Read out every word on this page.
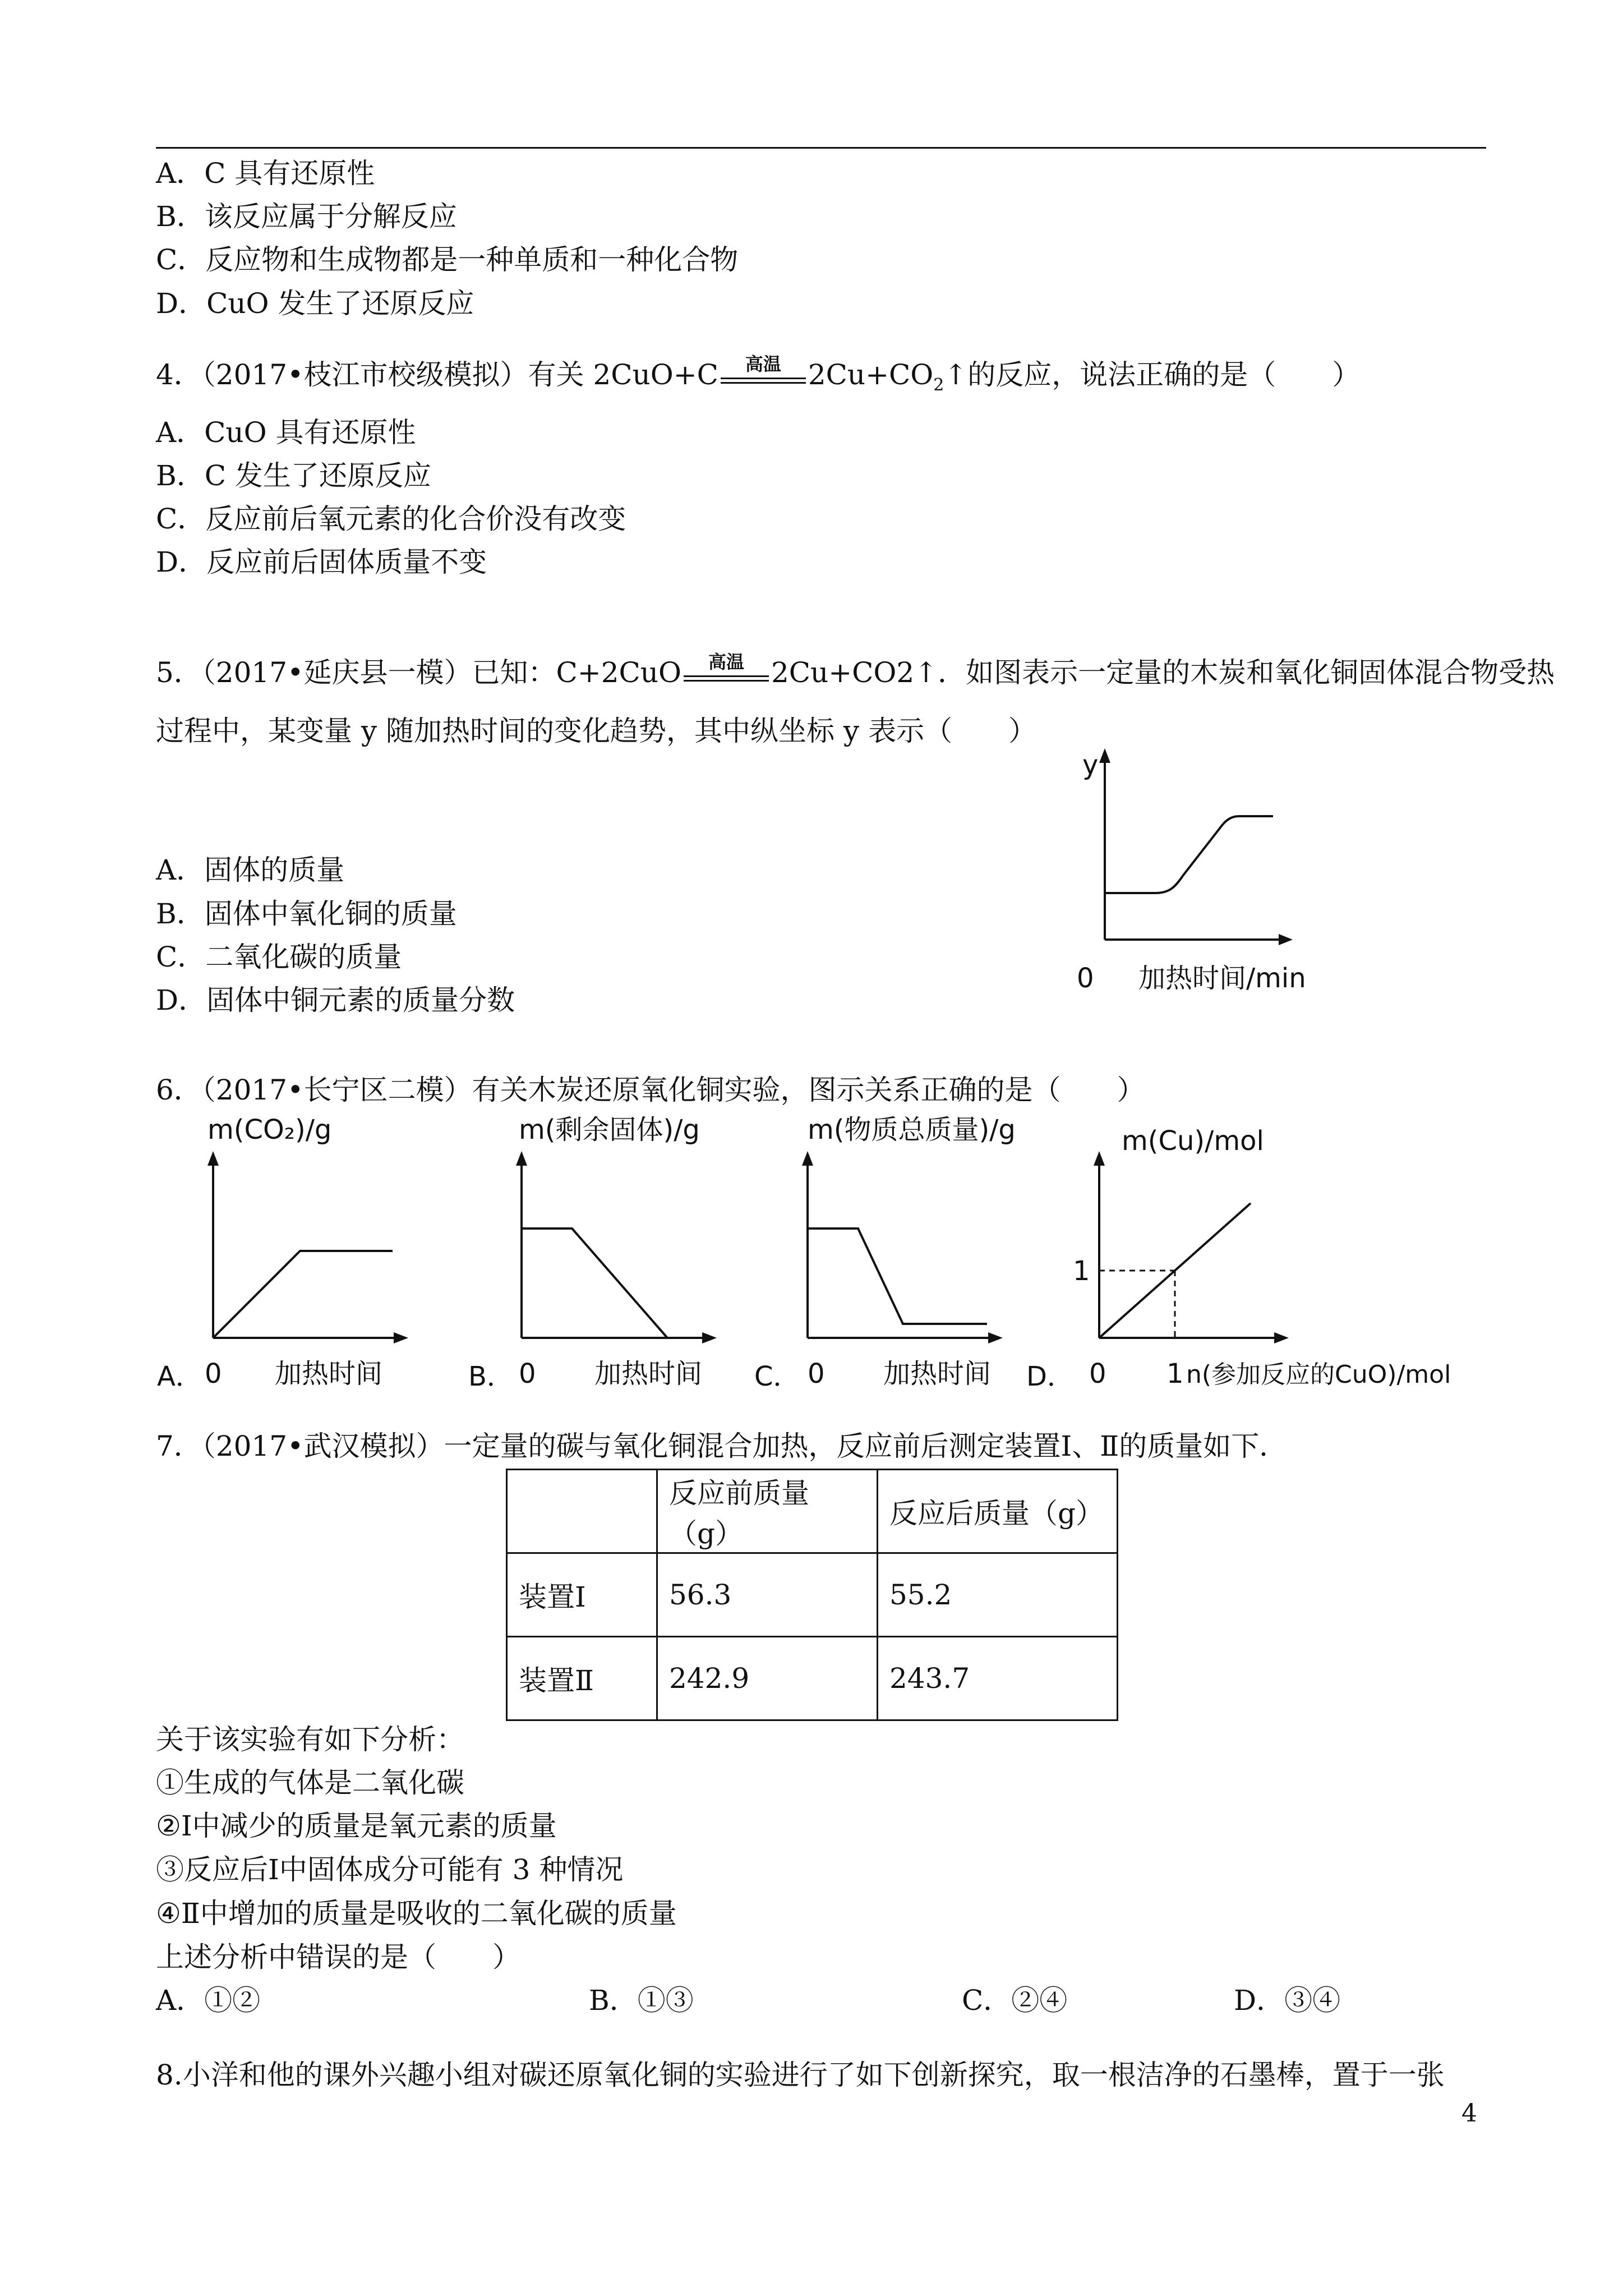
A．C 具有还原性
B．该反应属于分解反应
C．反应物和生成物都是一种单质和一种化合物
D．CuO 发生了还原反应
4．（2017•枝江市校级模拟）有关 2CuO+C	高温 $2Cu+CO_2↑$的反应，说法正确的是（　　）
A．CuO 具有还原性
B．C 发生了还原反应
C．反应前后氧元素的化合价没有改变
D．反应前后固体质量不变
5．（2017•延庆县一模）已知：C+2CuO	高温 2Cu+CO2↑．如图表示一定量的木炭和氧化铜固体混合物受热
过程中，某变量 y 随加热时间的变化趋势，其中纵坐标 y 表示（　　）
A．固体的质量
B．固体中氧化铜的质量
C．二氧化碳的质量
D．固体中铜元素的质量分数
y
0 加热时间/min
6．（2017•长宁区二模）有关木炭还原氧化铜实验，图示关系正确的是（　　）
m(CO₂)/g
A． 0 加热时间
m(剩余固体)/g
B． 0 加热时间
m(物质总质量)/g
C． 0 加热时间
m(Cu)/mol
1
D． 0 1 n(参加反应的CuO)/mol
7．（2017•武汉模拟）一定量的碳与氧化铜混合加热，反应前后测定装置Ⅰ、Ⅱ的质量如下．
	反应前质量（g）	反应后质量（g）
装置Ⅰ	56.3	55.2
装置Ⅱ	242.9	243.7
关于该实验有如下分析：
①生成的气体是二氧化碳
②Ⅰ中减少的质量是氧元素的质量
③反应后Ⅰ中固体成分可能有 3 种情况
④Ⅱ中增加的质量是吸收的二氧化碳的质量
上述分析中错误的是（　　）
A．①②	B．①③	C．②④	D．③④
8.小洋和他的课外兴趣小组对碳还原氧化铜的实验进行了如下创新探究，取一根洁净的石墨棒，置于一张
4
